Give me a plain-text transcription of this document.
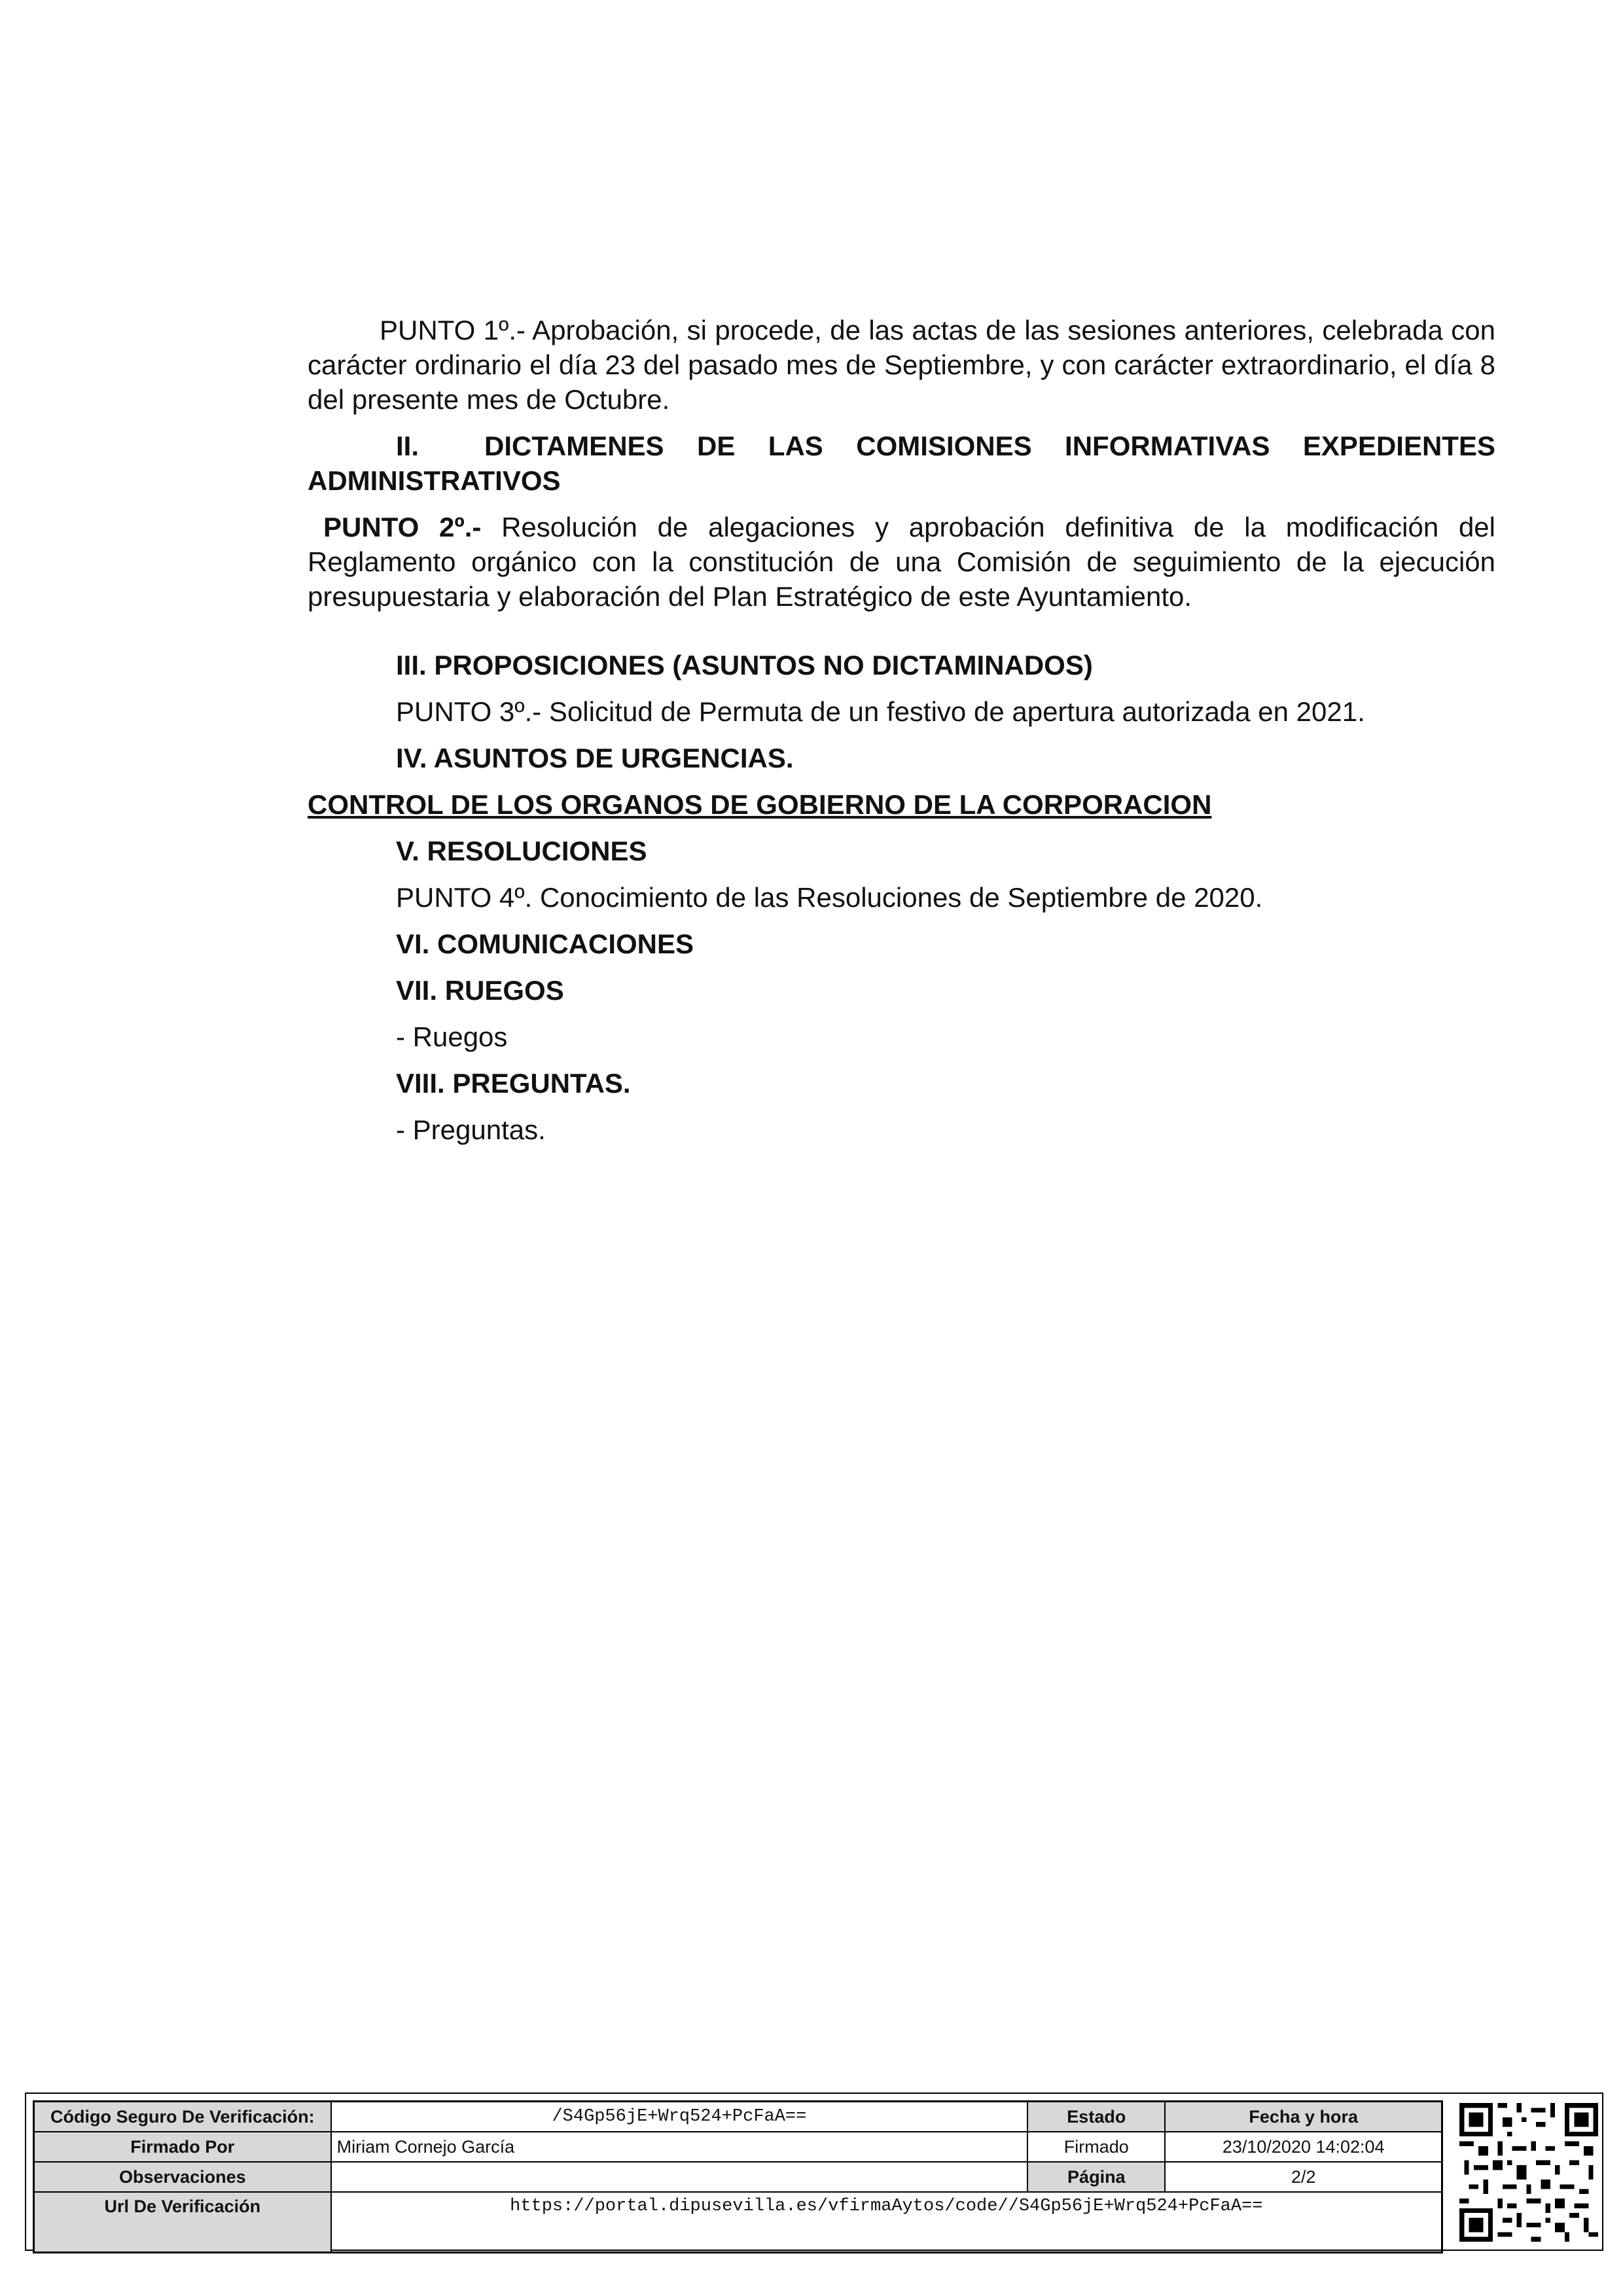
PUNTO 1º.- Aprobación, si procede, de las actas de las sesiones anteriores, celebrada con carácter ordinario el día 23 del pasado mes de Septiembre, y con carácter extraordinario, el día 8 del presente mes de Octubre.

II. DICTAMENES DE LAS COMISIONES INFORMATIVAS EXPEDIENTES ADMINISTRATIVOS

PUNTO 2º.- Resolución de alegaciones y aprobación definitiva de la modificación del Reglamento orgánico con la constitución de una Comisión de seguimiento de la ejecución presupuestaria y elaboración del Plan Estratégico de este Ayuntamiento.

III. PROPOSICIONES (ASUNTOS NO DICTAMINADOS)

PUNTO 3º.- Solicitud de Permuta de un festivo de apertura autorizada en 2021.

IV. ASUNTOS DE URGENCIAS.

CONTROL DE LOS ORGANOS DE GOBIERNO DE LA CORPORACION

V. RESOLUCIONES

PUNTO 4º. Conocimiento de las Resoluciones de Septiembre de 2020.

VI. COMUNICACIONES

VII. RUEGOS

- Ruegos

VIII. PREGUNTAS.

- Preguntas.

Código Seguro De Verificación:	/S4Gp56jE+Wrq524+PcFaA==	Estado	Fecha y hora
Firmado Por	Miriam Cornejo García	Firmado	23/10/2020 14:02:04
Observaciones		Página	2/2
Url De Verificación	https://portal.dipusevilla.es/vfirmaAytos/code//S4Gp56jE+Wrq524+PcFaA==		
